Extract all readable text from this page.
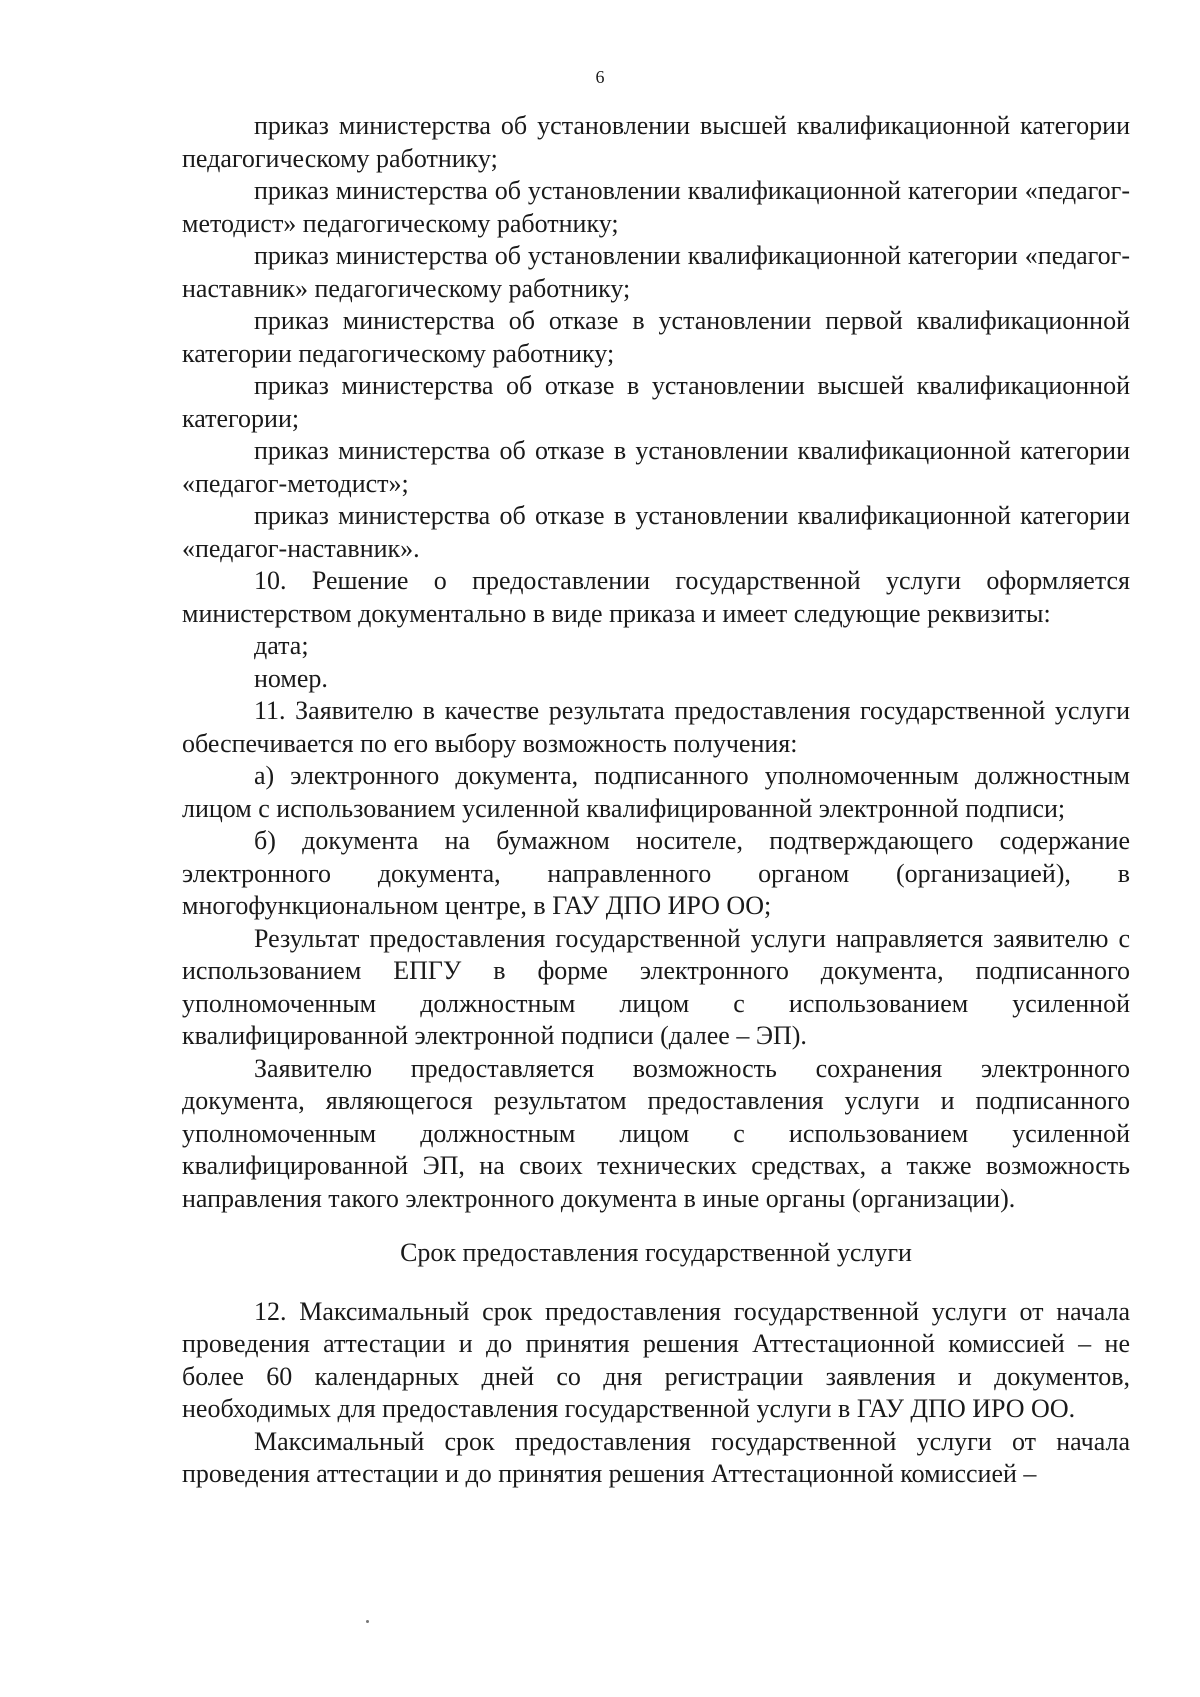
6

приказ министерства об установлении высшей квалификационной категории педагогическому работнику;

приказ министерства об установлении квалификационной категории «педагог-методист» педагогическому работнику;

приказ министерства об установлении квалификационной категории «педагог-наставник» педагогическому работнику;

приказ министерства об отказе в установлении первой квалификационной категории педагогическому работнику;

приказ министерства об отказе в установлении высшей квалификационной категории;

приказ министерства об отказе в установлении квалификационной категории «педагог-методист»;

приказ министерства об отказе в установлении квалификационной категории «педагог-наставник».

10. Решение о предоставлении государственной услуги оформляется министерством документально в виде приказа и имеет следующие реквизиты:

дата;

номер.

11. Заявителю в качестве результата предоставления государственной услуги обеспечивается по его выбору возможность получения:

а) электронного документа, подписанного уполномоченным должностным лицом с использованием усиленной квалифицированной электронной подписи;

б) документа на бумажном носителе, подтверждающего содержание электронного документа, направленного органом (организацией), в многофункциональном центре, в ГАУ ДПО ИРО ОО;

Результат предоставления государственной услуги направляется заявителю с использованием ЕПГУ в форме электронного документа, подписанного уполномоченным должностным лицом с использованием усиленной квалифицированной электронной подписи (далее – ЭП).

Заявителю предоставляется возможность сохранения электронного документа, являющегося результатом предоставления услуги и подписанного уполномоченным должностным лицом с использованием усиленной квалифицированной ЭП, на своих технических средствах, а также возможность направления такого электронного документа в иные органы (организации).

Срок предоставления государственной услуги

12. Максимальный срок предоставления государственной услуги от начала проведения аттестации и до принятия решения Аттестационной комиссией – не более 60 календарных дней со дня регистрации заявления и документов, необходимых для предоставления государственной услуги в ГАУ ДПО ИРО ОО.

Максимальный срок предоставления государственной услуги от начала проведения аттестации и до принятия решения Аттестационной комиссией –
